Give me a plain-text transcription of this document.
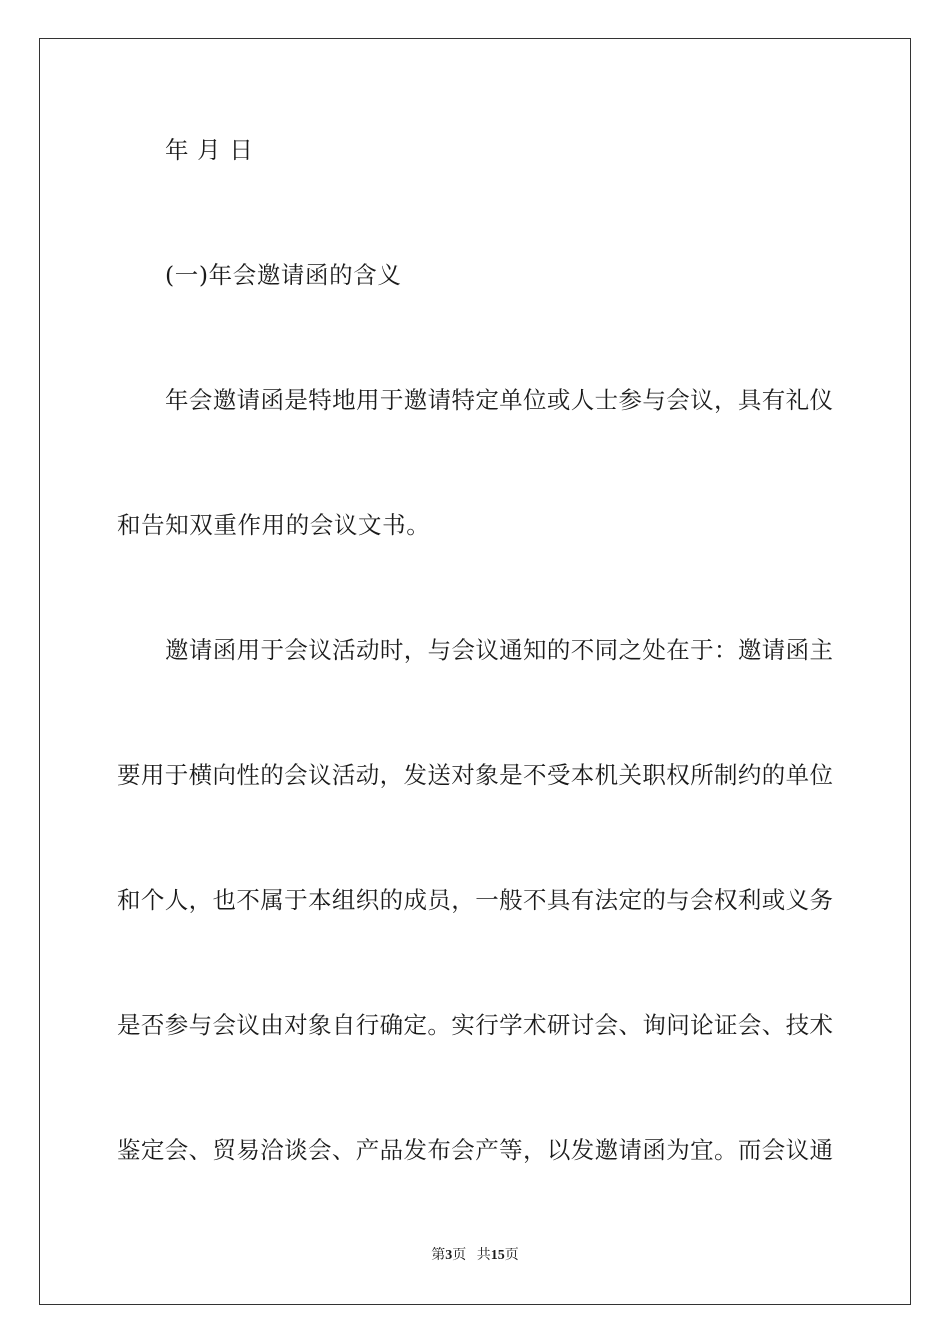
年 月 日
(一)年会邀请函的含义
年会邀请函是特地用于邀请特定单位或人士参与会议，具有礼仪
和告知双重作用的会议文书。
邀请函用于会议活动时，与会议通知的不同之处在于：邀请函主
要用于横向性的会议活动，发送对象是不受本机关职权所制约的单位
和个人，也不属于本组织的成员，一般不具有法定的与会权利或义务
是否参与会议由对象自行确定。实行学术研讨会、询问论证会、技术
鉴定会、贸易洽谈会、产品发布会产等，以发邀请函为宜。而会议通
第3页 共15页
